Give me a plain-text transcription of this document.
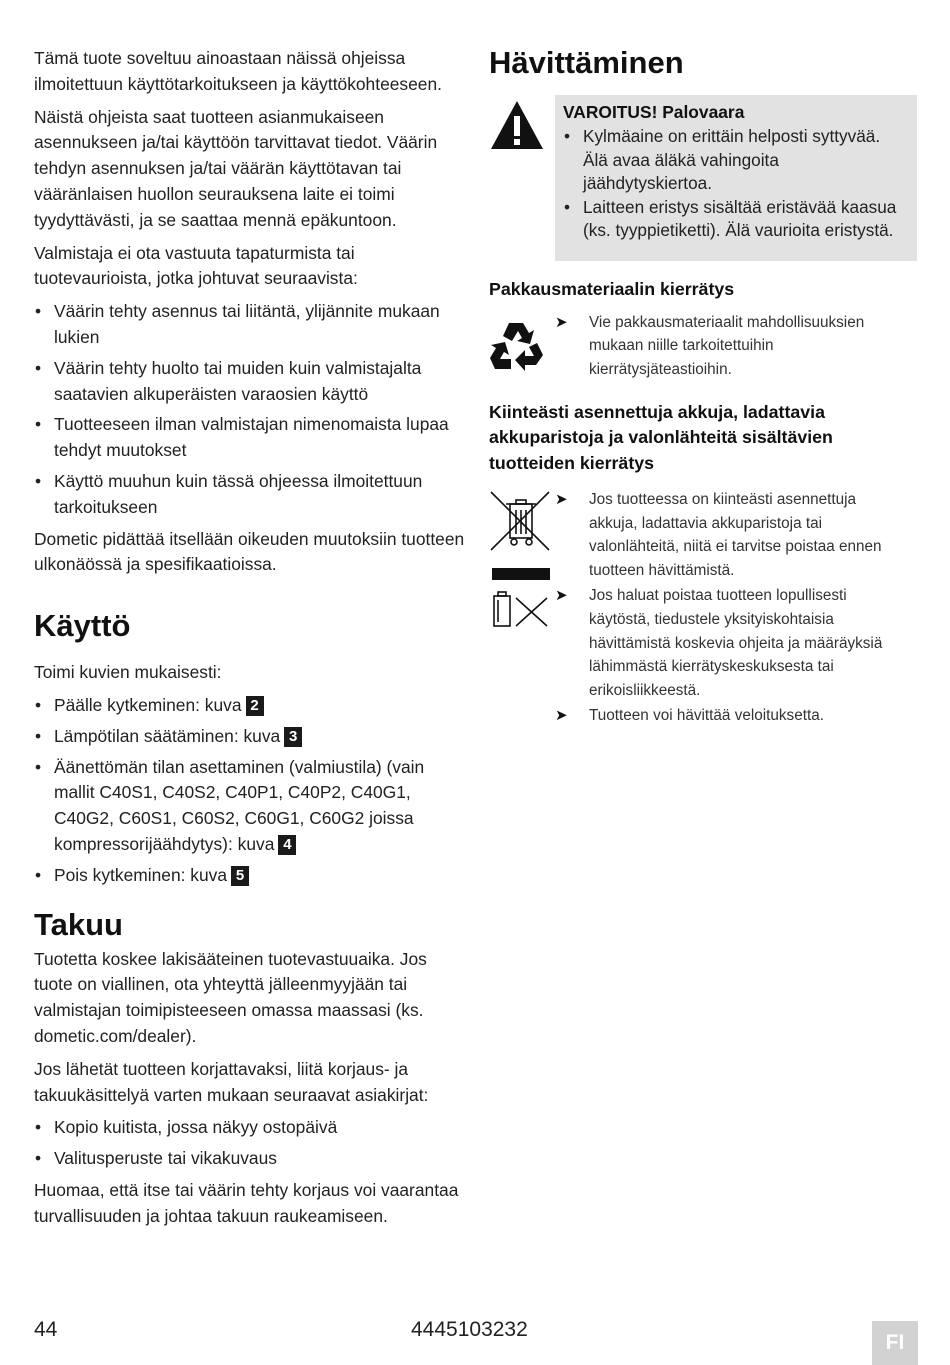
Tämä tuote soveltuu ainoastaan näissä ohjeissa ilmoitettuun käyttötarkoitukseen ja käyttökohteeseen.

Näistä ohjeista saat tuotteen asianmukaiseen asennukseen ja/tai käyttöön tarvittavat tiedot. Väärin tehdyn asennuksen ja/tai väärän käyttötavan tai vääränlaisen huollon seurauksena laite ei toimi tyydyttävästi, ja se saattaa mennä epäkuntoon.

Valmistaja ei ota vastuuta tapaturmista tai tuotevaurioista, jotka johtuvat seuraavista:

• Väärin tehty asennus tai liitäntä, ylijännite mukaan lukien
• Väärin tehty huolto tai muiden kuin valmistajalta saatavien alkuperäisten varaosien käyttö
• Tuotteeseen ilman valmistajan nimenomaista lupaa tehdyt muutokset
• Käyttö muuhun kuin tässä ohjeessa ilmoitettuun tarkoitukseen

Dometic pidättää itsellään oikeuden muutoksiin tuotteen ulkonäössä ja spesifikaatioissa.

Käyttö

Toimi kuvien mukaisesti:

• Päälle kytkeminen: kuva 2
• Lämpötilan säätäminen: kuva 3
• Äänettömän tilan asettaminen (valmiustila) (vain mallit C40S1, C40S2, C40P1, C40P2, C40G1, C40G2, C60S1, C60S2, C60G1, C60G2 joissa kompressorijäähdytys): kuva 4
• Pois kytkeminen: kuva 5
Takuu

Tuotetta koskee lakisääteinen tuotevastuuaika. Jos tuote on viallinen, ota yhteyttä jälleenmyyjään tai valmistajan toimipisteeseen omassa maassasi (ks. dometic.com/dealer).

Jos lähetät tuotteen korjattavaksi, liitä korjaus- ja takuukäsittelyä varten mukaan seuraavat asiakirjat:

• Kopio kuitista, jossa näkyy ostopäivä
• Valitusperuste tai vikakuvaus

Huomaa, että itse tai väärin tehty korjaus voi vaarantaa turvallisuuden ja johtaa takuun raukeamiseen.

Hävittäminen
VAROITUS! Palovaara
• Kylmäaine on erittäin helposti syttyvää. Älä avaa äläkä vahingoita jäähdytyskiertoa.
• Laitteen eristys sisältää eristävää kaasua (ks. tyyppietiketti). Älä vaurioita eristystä.
Pakkausmateriaalin kierrätys
➤ Vie pakkausmateriaalit mahdollisuuksien mukaan niille tarkoitettuihin kierrätysjäteastioihin.
Kiinteästi asennettuja akkuja, ladattavia akkuparistoja ja valonlähteitä sisältävien tuotteiden kierrätys
➤ Jos tuotteessa on kiinteästi asennettuja akkuja, ladattavia akkuparistoja tai valonlähteitä, niitä ei tarvitse poistaa ennen tuotteen hävittämistä.
➤ Jos haluat poistaa tuotteen lopullisesti käytöstä, tiedustele yksityiskohtaisia hävittämistä koskevia ohjeita ja määräyksiä lähimmästä kierrätyskeskuksesta tai erikoisliikkeestä.
➤ Tuotteen voi hävittää veloituksetta.
44	4445103232
FI
